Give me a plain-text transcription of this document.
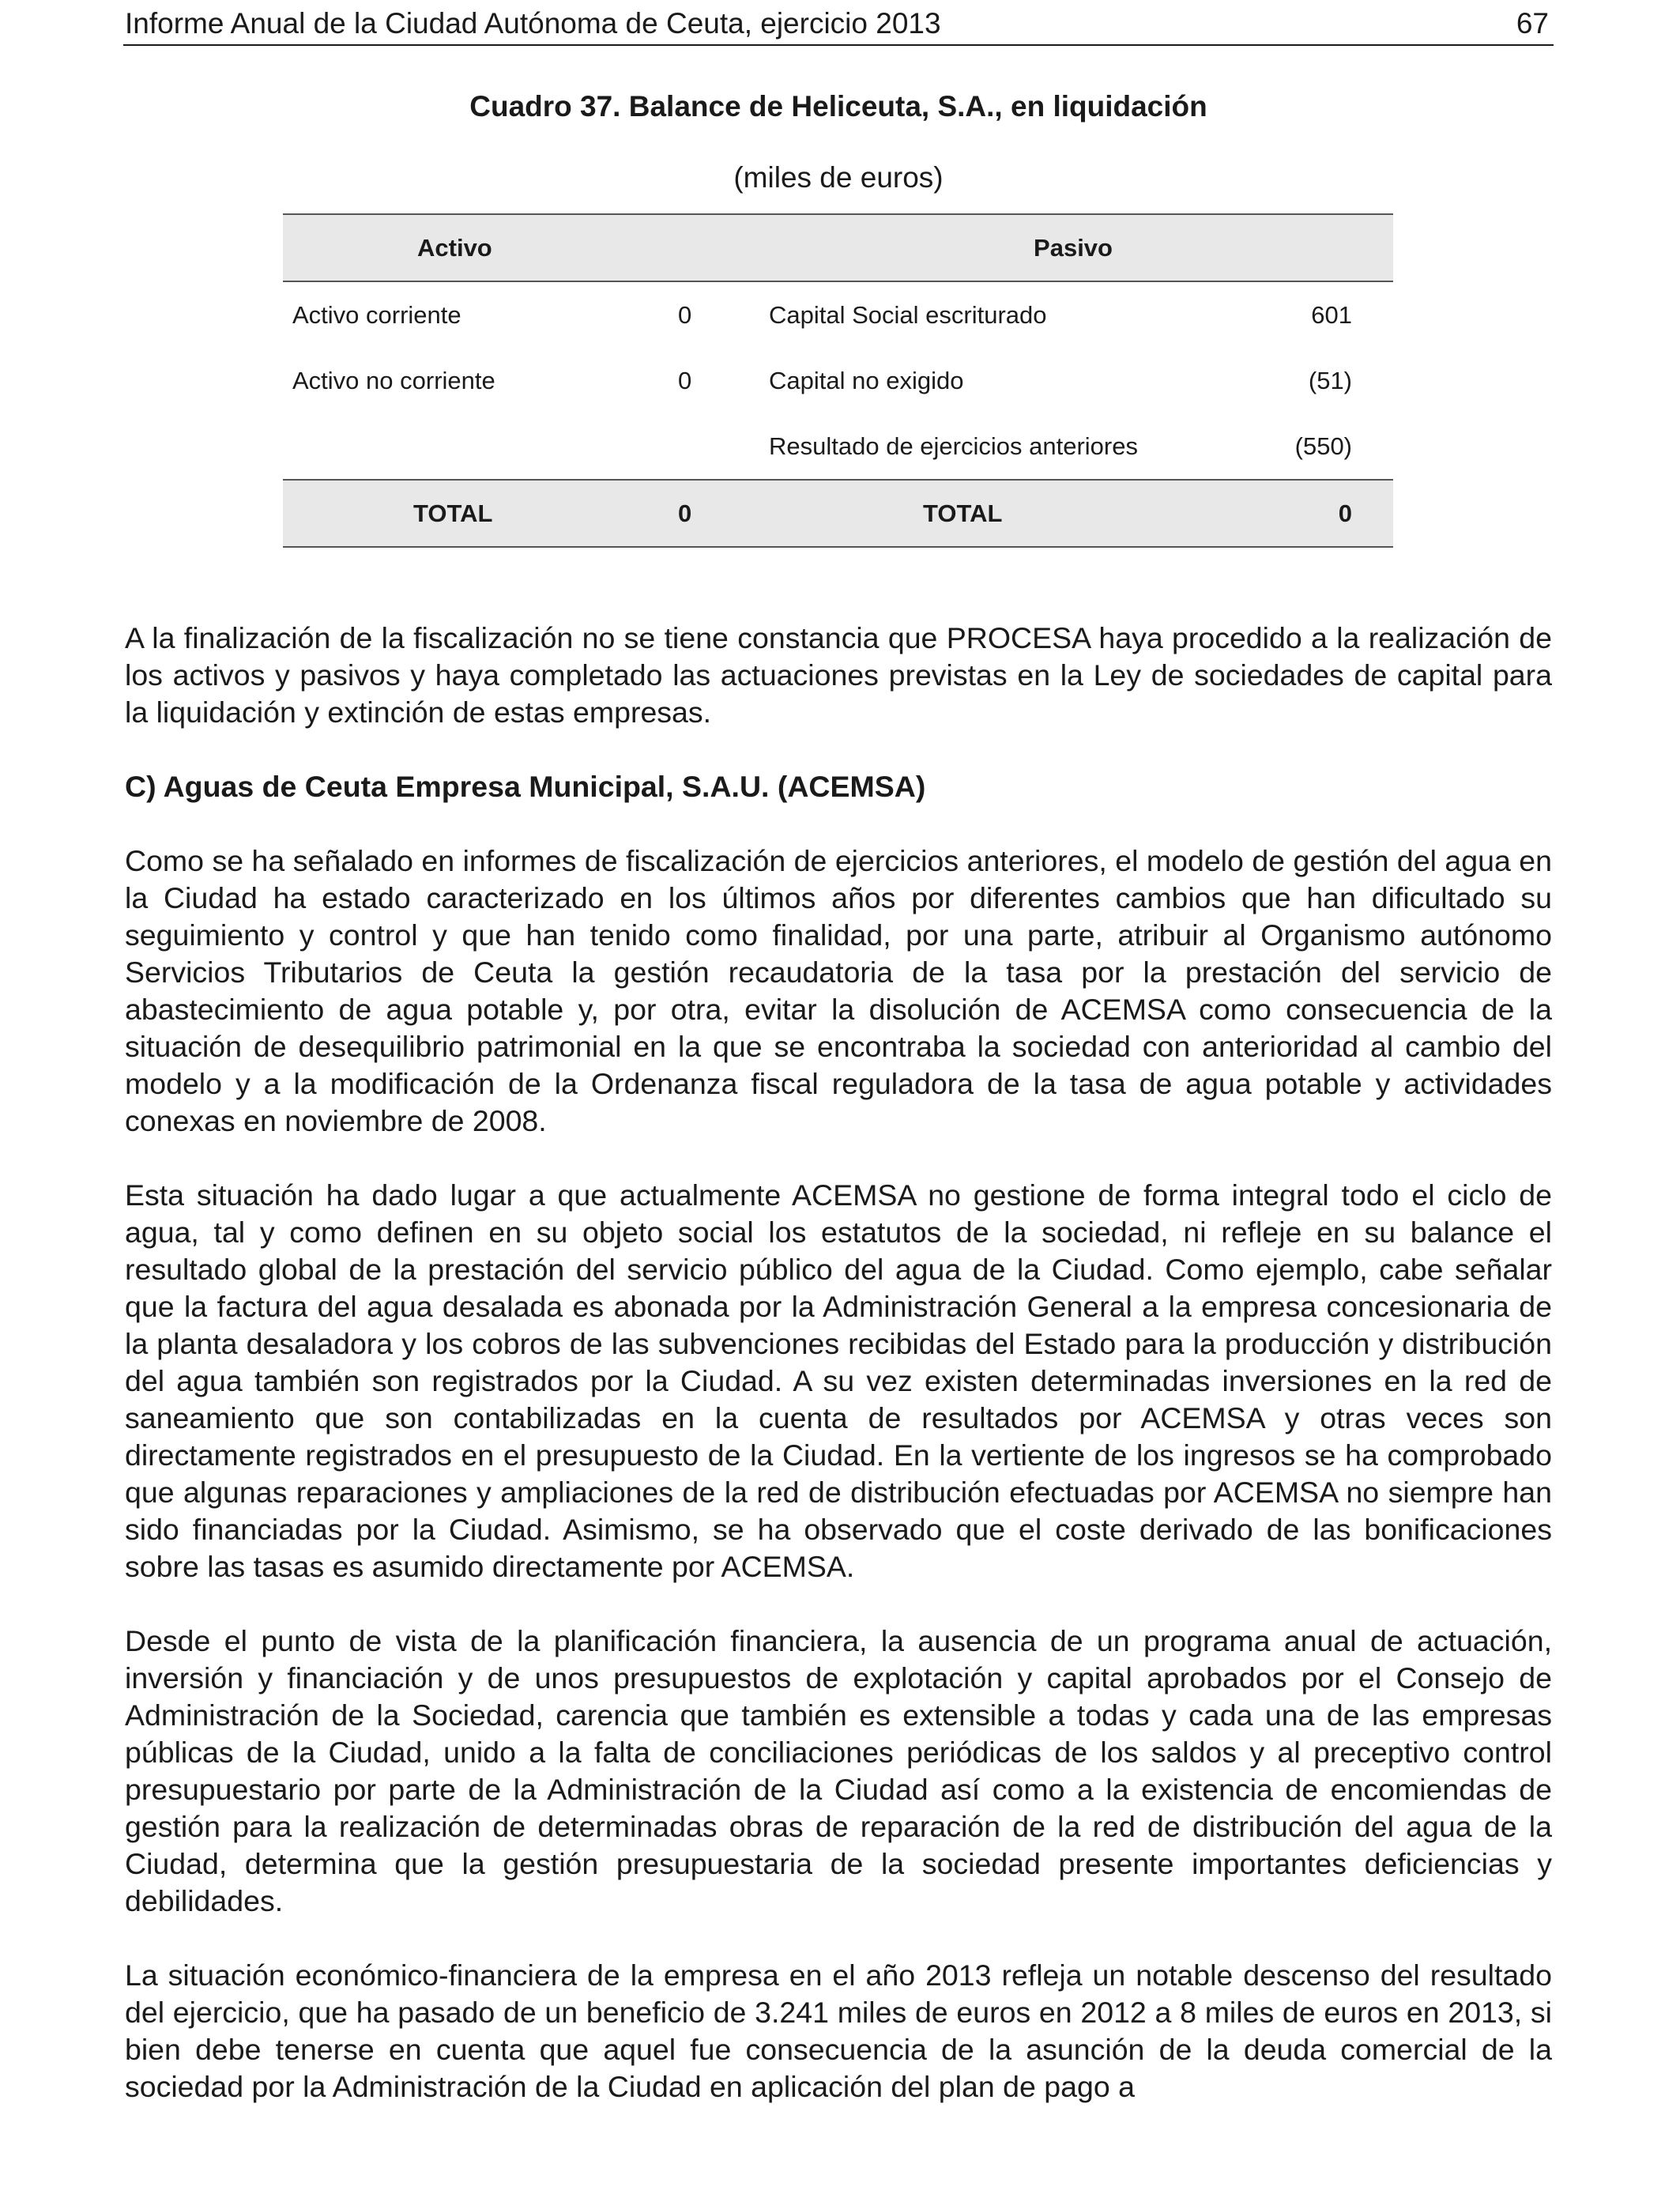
Informe Anual de la Ciudad Autónoma de Ceuta, ejercicio 2013	67
Cuadro 37. Balance de Heliceuta, S.A., en liquidación
(miles de euros)
Activo		Pasivo	
Activo corriente	0	Capital Social escriturado	601
Activo no corriente	0	Capital no exigido	(51)
		Resultado de ejercicios anteriores	(550)
TOTAL	0	TOTAL	0

A la finalización de la fiscalización no se tiene constancia que PROCESA haya procedido a la realización de los activos y pasivos y haya completado las actuaciones previstas en la Ley de sociedades de capital para la liquidación y extinción de estas empresas.

C) Aguas de Ceuta Empresa Municipal, S.A.U. (ACEMSA)

Como se ha señalado en informes de fiscalización de ejercicios anteriores, el modelo de gestión del agua en la Ciudad ha estado caracterizado en los últimos años por diferentes cambios que han dificultado su seguimiento y control y que han tenido como finalidad, por una parte, atribuir al Organismo autónomo Servicios Tributarios de Ceuta la gestión recaudatoria de la tasa por la prestación del servicio de abastecimiento de agua potable y, por otra, evitar la disolución de ACEMSA como consecuencia de la situación de desequilibrio patrimonial en la que se encontraba la sociedad con anterioridad al cambio del modelo y a la modificación de la Ordenanza fiscal reguladora de la tasa de agua potable y actividades conexas en noviembre de 2008.

Esta situación ha dado lugar a que actualmente ACEMSA no gestione de forma integral todo el ciclo de agua, tal y como definen en su objeto social los estatutos de la sociedad, ni refleje en su balance el resultado global de la prestación del servicio público del agua de la Ciudad. Como ejemplo, cabe señalar que la factura del agua desalada es abonada por la Administración General a la empresa concesionaria de la planta desaladora y los cobros de las subvenciones recibidas del Estado para la producción y distribución del agua también son registrados por la Ciudad. A su vez existen determinadas inversiones en la red de saneamiento que son contabilizadas en la cuenta de resultados por ACEMSA y otras veces son directamente registrados en el presupuesto de la Ciudad. En la vertiente de los ingresos se ha comprobado que algunas reparaciones y ampliaciones de la red de distribución efectuadas por ACEMSA no siempre han sido financiadas por la Ciudad. Asimismo, se ha observado que el coste derivado de las bonificaciones sobre las tasas es asumido directamente por ACEMSA.

Desde el punto de vista de la planificación financiera, la ausencia de un programa anual de actuación, inversión y financiación y de unos presupuestos de explotación y capital aprobados por el Consejo de Administración de la Sociedad, carencia que también es extensible a todas y cada una de las empresas públicas de la Ciudad, unido a la falta de conciliaciones periódicas de los saldos y al preceptivo control presupuestario por parte de la Administración de la Ciudad así como a la existencia de encomiendas de gestión para la realización de determinadas obras de reparación de la red de distribución del agua de la Ciudad, determina que la gestión presupuestaria de la sociedad presente importantes deficiencias y debilidades.

La situación económico-financiera de la empresa en el año 2013 refleja un notable descenso del resultado del ejercicio, que ha pasado de un beneficio de 3.241 miles de euros en 2012 a 8 miles de euros en 2013, si bien debe tenerse en cuenta que aquel fue consecuencia de la asunción de la deuda comercial de la sociedad por la Administración de la Ciudad en aplicación del plan de pago a
